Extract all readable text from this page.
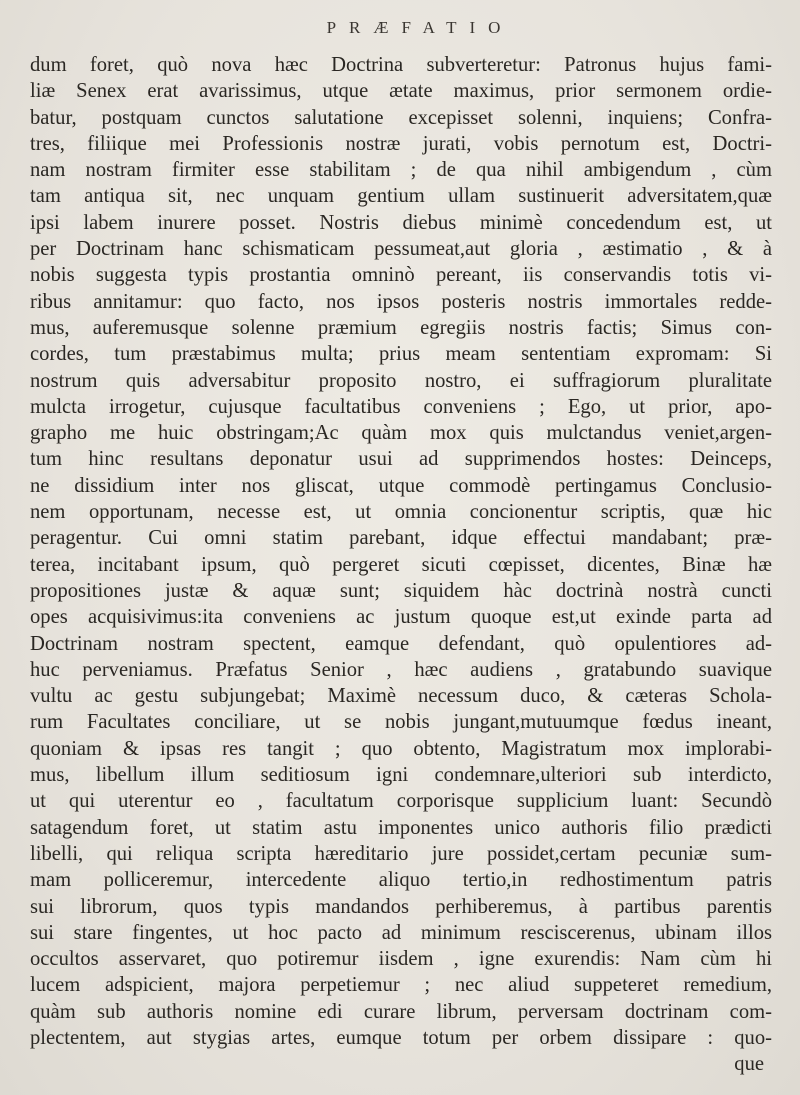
PRÆFATIO
dum foret, quò nova hæc Doctrina subverteretur: Patronus hujus fami-
liæ Senex erat avarissimus, utque ætate maximus, prior sermonem ordie-
batur, postquam cunctos salutatione excepisset solenni, inquiens; Confra-
tres, filiique mei Professionis nostræ jurati, vobis pernotum est, Doctri-
nam nostram firmiter esse stabilitam ; de qua nihil ambigendum , cùm
tam antiqua sit, nec unquam gentium ullam sustinuerit adversitatem,quæ
ipsi labem inurere posset. Nostris diebus minimè concedendum est, ut
per Doctrinam hanc schismaticam pessumeat,aut gloria , æstimatio , & à
nobis suggesta typis prostantia omninò pereant, iis conservandis totis vi-
ribus annitamur: quo facto, nos ipsos posteris nostris immortales redde-
mus, auferemusque solenne præmium egregiis nostris factis; Simus con-
cordes, tum præstabimus multa; prius meam sententiam expromam: Si
nostrum quis adversabitur proposito nostro, ei suffragiorum pluralitate
mulcta irrogetur, cujusque facultatibus conveniens ; Ego, ut prior, apo-
grapho me huic obstringam;Ac quàm mox quis mulctandus veniet,argen-
tum hinc resultans deponatur usui ad supprimendos hostes: Deinceps,
ne dissidium inter nos gliscat, utque commodè pertingamus Conclusio-
nem opportunam, necesse est, ut omnia concionentur scriptis, quæ hic
peragentur. Cui omni statim parebant, idque effectui mandabant; præ-
terea, incitabant ipsum, quò pergeret sicuti cœpisset, dicentes, Binæ hæ
propositiones justæ & aquæ sunt; siquidem hàc doctrinà nostrà cuncti
opes acquisivimus:ita conveniens ac justum quoque est,ut exinde parta ad
Doctrinam nostram spectent, eamque defendant, quò opulentiores ad-
huc perveniamus. Præfatus Senior , hæc audiens , gratabundo suavique
vultu ac gestu subjungebat; Maximè necessum duco, & cæteras Schola-
rum Facultates conciliare, ut se nobis jungant,mutuumque fœdus ineant,
quoniam & ipsas res tangit ; quo obtento, Magistratum mox implorabi-
mus, libellum illum seditiosum igni condemnare,ulteriori sub interdicto,
ut qui uterentur eo , facultatum corporisque supplicium luant: Secundò
satagendum foret, ut statim astu imponentes unico authoris filio prædicti
libelli, qui reliqua scripta hæreditario jure possidet,certam pecuniæ sum-
mam polliceremur, intercedente aliquo tertio,in redhostimentum patris
sui librorum, quos typis mandandos perhiberemus, à partibus parentis
sui stare fingentes, ut hoc pacto ad minimum resciscerenus, ubinam illos
occultos asservaret, quo potiremur iisdem , igne exurendis: Nam cùm hi
lucem adspicient, majora perpetiemur ; nec aliud suppeteret remedium,
quàm sub authoris nomine edi curare librum, perversam doctrinam com-
plectentem, aut stygias artes, eumque totum per orbem dissipare : quo-
que
